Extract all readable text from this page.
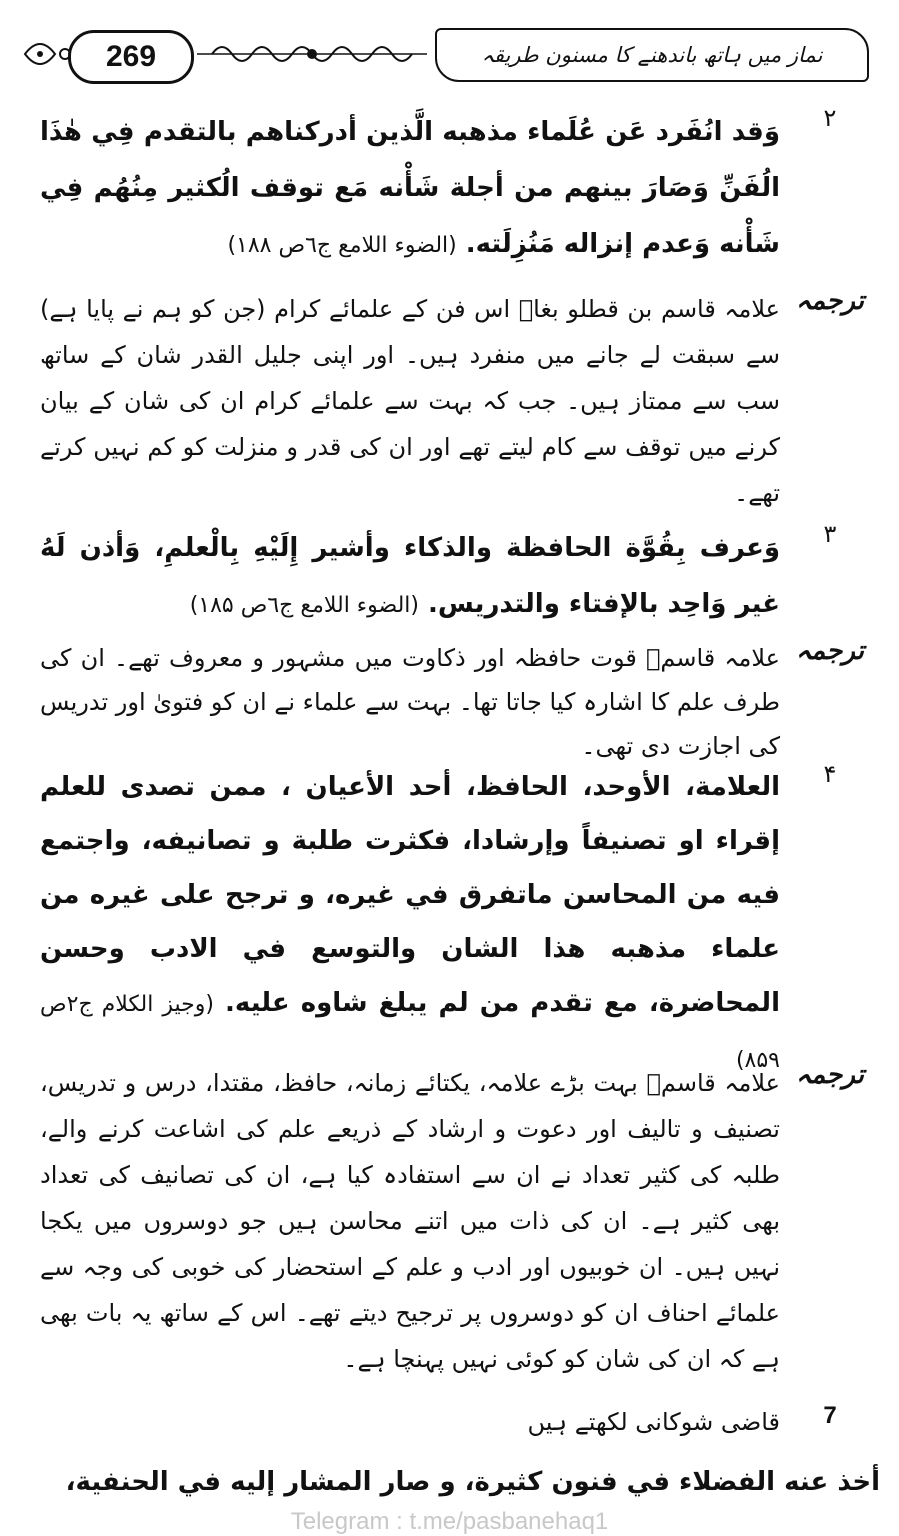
269	نماز میں ہاتھ باندھنے کا مسنون طریقہ
۲
وَقد انُفَرد عَن عُلَماء مذهبه الَّذين أدركناهم بالتقدم فِي هٰذَا الُفَنِّ وَصَارَ بينهم من أجلة شَأْنه مَع توقف الُكثير مِنُهُم فِي شَأْنه وَعدم إنزاله مَنُزِلَته. (الضوء اللامع ج٦ص ۱۸۸)
ترجمہ
علامہ قاسم بن قطلو بغاؒ اس فن کے علمائے کرام (جن کو ہم نے پایا ہے) سے سبقت لے جانے میں منفرد ہیں۔ اور اپنی جلیل القدر شان کے ساتھ سب سے ممتاز ہیں۔ جب کہ بہت سے علمائے کرام ان کی شان کے بیان کرنے میں توقف سے کام لیتے تھے اور ان کی قدر و منزلت کو کم نہیں کرتے تھے۔
۳
وَعرف بِقُوَّة الحافظة والذكاء وأشير إِلَيْهِ بِالْعلمِ، وَأذن لَهُ غير وَاحِد بالإفتاء والتدريس. (الضوء اللامع ج٦ص ۱۸۵)
ترجمہ
علامہ قاسمؒ قوت حافظہ اور ذکاوت میں مشہور و معروف تھے۔ ان کی طرف علم کا اشارہ کیا جاتا تھا۔ بہت سے علماء نے ان کو فتویٰ اور تدریس کی اجازت دی تھی۔
۴
العلامة، الأوحد، الحافظ، أحد الأعيان ، ممن تصدى للعلم إقراء او تصنيفاً وإرشادا، فكثرت طلبة و تصانيفه، واجتمع فيه من المحاسن ماتفرق في غيره، و ترجح على غيره من علماء مذهبه هذا الشان والتوسع في الادب وحسن المحاضرة، مع تقدم من لم يبلغ شاوه عليه. (وجيز الكلام ج٢ص ۸۵۹) ترجمہ
علامہ قاسمؒ بہت بڑے علامہ، یکتائے زمانہ، حافظ، مقتدا، درس و تدریس، تصنیف و تالیف اور دعوت و ارشاد کے ذریعے علم کی اشاعت کرنے والے، طلبہ کی کثیر تعداد نے ان سے استفادہ کیا ہے، ان کی تصانیف کی تعداد بھی کثیر ہے۔ ان کی ذات میں اتنے محاسن ہیں جو دوسروں میں یکجا نہیں ہیں۔ ان خوبیوں اور ادب و علم کے استحضار کی خوبی کی وجہ سے علمائے احناف ان کو دوسروں پر ترجیح دیتے تھے۔ اس کے ساتھ یہ بات بھی ہے کہ ان کی شان کو کوئی نہیں پہنچا ہے۔
7
قاضی شوکانی لکھتے ہیں
أخذ عنه الفضلاء في فنون كثيرة، و صار المشار إليه في الحنفية،
Telegram : t.me/pasbanehaq1
